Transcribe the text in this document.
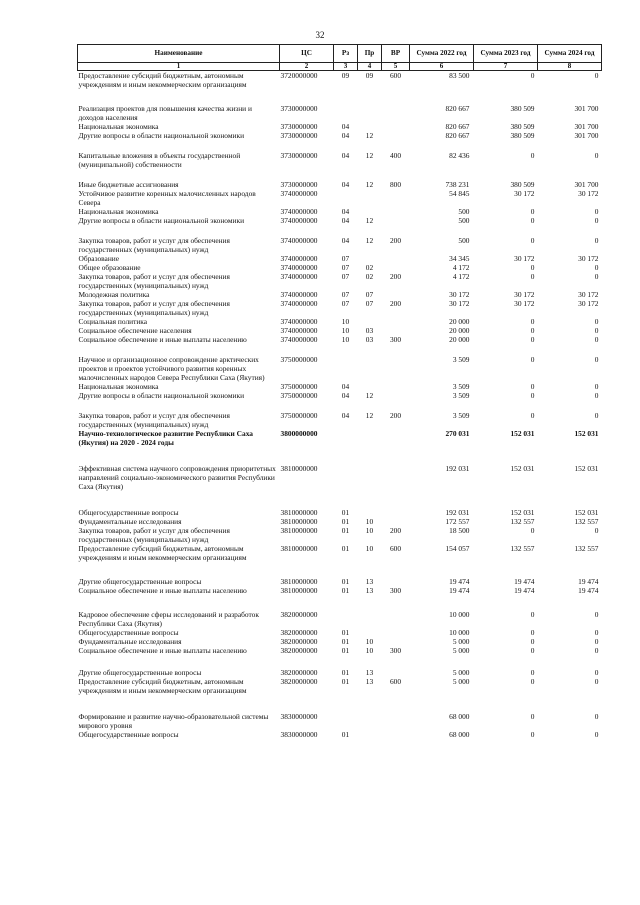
32
Наименование	ЦС	Рз	Пр	ВР	Сумма 2022 год	Сумма 2023 год	Сумма 2024 год
1	2	3	4	5	6	7	8
Предоставление субсидий бюджетным, автономным учреждениям и иным некоммерческим организациям	3720000000	09	09	600	83 500	0	0
Реализация проектов для повышения качества жизни и доходов населения	3730000000				820 667	380 509	301 700
Национальная экономика	3730000000	04			820 667	380 509	301 700
Другие вопросы в области национальной экономики	3730000000	04	12		820 667	380 509	301 700
Капитальные вложения в объекты государственной (муниципальной) собственности	3730000000	04	12	400	82 436	0	0
Иные бюджетные ассигнования	3730000000	04	12	800	738 231	380 509	301 700
Устойчивое развитие коренных малочисленных народов Севера	3740000000				54 845	30 172	30 172
Национальная экономика	3740000000	04			500	0	0
Другие вопросы в области национальной экономики	3740000000	04	12		500	0	0
Закупка товаров, работ и услуг для обеспечения государственных (муниципальных) нужд	3740000000	04	12	200	500	0	0
Образование	3740000000	07			34 345	30 172	30 172
Общее образование	3740000000	07	02		4 172	0	0
Закупка товаров, работ и услуг для обеспечения государственных (муниципальных) нужд	3740000000	07	02	200	4 172	0	0
Молодежная политика	3740000000	07	07		30 172	30 172	30 172
Закупка товаров, работ и услуг для обеспечения государственных (муниципальных) нужд	3740000000	07	07	200	30 172	30 172	30 172
Социальная политика	3740000000	10			20 000	0	0
Социальное обеспечение населения	3740000000	10	03		20 000	0	0
Социальное обеспечение и иные выплаты населению	3740000000	10	03	300	20 000	0	0
Научное и организационное сопровождение арктических проектов и проектов устойчивого развития коренных малочисленных народов Севера Республики Саха (Якутия)	3750000000				3 509	0	0
Национальная экономика	3750000000	04			3 509	0	0
Другие вопросы в области национальной экономики	3750000000	04	12		3 509	0	0
Закупка товаров, работ и услуг для обеспечения государственных (муниципальных) нужд	3750000000	04	12	200	3 509	0	0
Научно-технологическое развитие Республики Саха (Якутия) на 2020 - 2024 годы	3800000000				270 031	152 031	152 031
Эффективная система научного сопровождения приоритетных направлений социально-экономического развития Республики Саха (Якутия)	3810000000				192 031	152 031	152 031
Общегосударственные вопросы	3810000000	01			192 031	152 031	152 031
Фундаментальные исследования	3810000000	01	10		172 557	132 557	132 557
Закупка товаров, работ и услуг для обеспечения государственных (муниципальных) нужд	3810000000	01	10	200	18 500	0	0
Предоставление субсидий бюджетным, автономным учреждениям и иным некоммерческим организациям	3810000000	01	10	600	154 057	132 557	132 557
Другие общегосударственные вопросы	3810000000	01	13		19 474	19 474	19 474
Социальное обеспечение и иные выплаты населению	3810000000	01	13	300	19 474	19 474	19 474
Кадровое обеспечение сферы исследований и разработок Республики Саха (Якутия)	3820000000				10 000	0	0
Общегосударственные вопросы	3820000000	01			10 000	0	0
Фундаментальные исследования	3820000000	01	10		5 000	0	0
Социальное обеспечение и иные выплаты населению	3820000000	01	10	300	5 000	0	0
Другие общегосударственные вопросы	3820000000	01	13		5 000	0	0
Предоставление субсидий бюджетным, автономным учреждениям и иным некоммерческим организациям	3820000000	01	13	600	5 000	0	0
Формирование и развитие научно-образовательной системы мирового уровня	3830000000				68 000	0	0
Общегосударственные вопросы	3830000000	01			68 000	0	0
